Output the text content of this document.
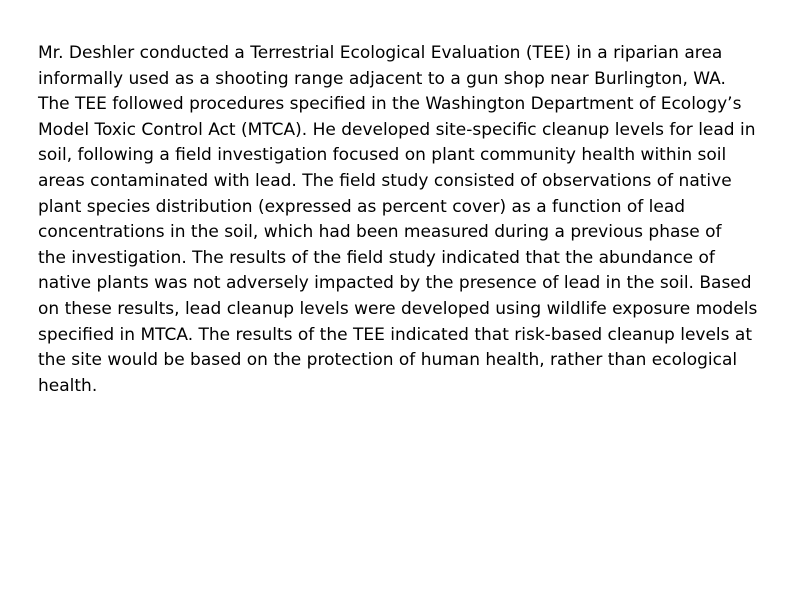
Mr. Deshler conducted a Terrestrial Ecological Evaluation (TEE) in a riparian area
informally used as a shooting range adjacent to a gun shop near Burlington, WA.
The TEE followed procedures specified in the Washington Department of Ecology’s
Model Toxic Control Act (MTCA). He developed site-specific cleanup levels for lead in
soil, following a field investigation focused on plant community health within soil
areas contaminated with lead. The field study consisted of observations of native
plant species distribution (expressed as percent cover) as a function of lead
concentrations in the soil, which had been measured during a previous phase of
the investigation. The results of the field study indicated that the abundance of
native plants was not adversely impacted by the presence of lead in the soil. Based
on these results, lead cleanup levels were developed using wildlife exposure models
specified in MTCA. The results of the TEE indicated that risk-based cleanup levels at
the site would be based on the protection of human health, rather than ecological
health.
